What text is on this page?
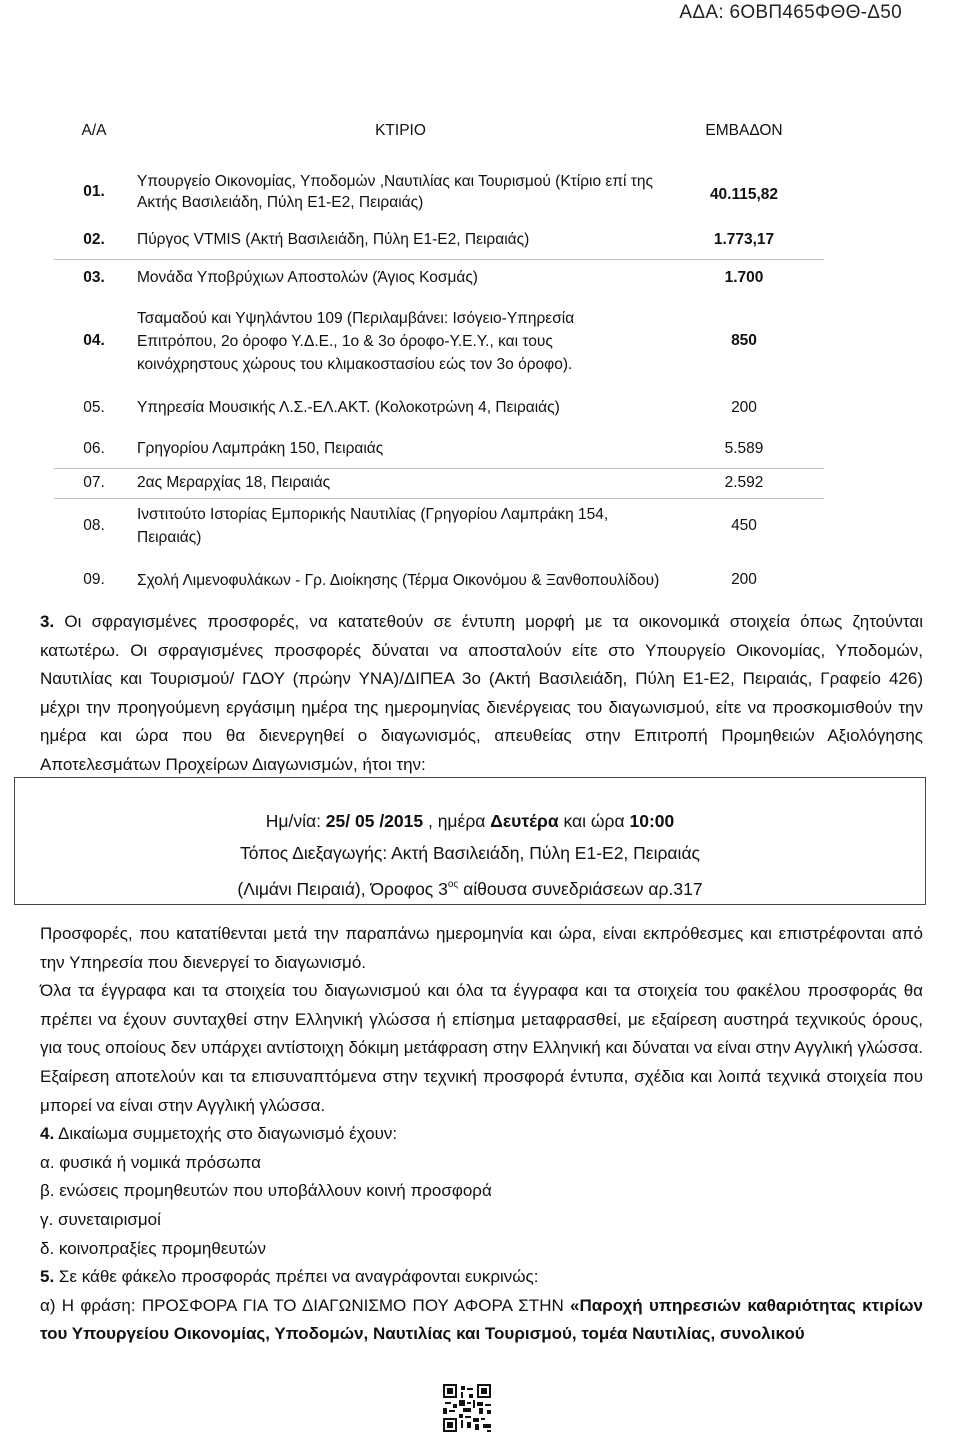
ΑΔΑ: 6ΟΒΠ465ΦΘΘ-Δ50
Α/Α	ΚΤΙΡΙΟ	ΕΜΒΑΔΟΝ
01.	Υπουργείο Οικονομίας, Υποδομών ,Ναυτιλίας και Τουρισμού (Κτίριο επί της Ακτής Βασιλειάδη, Πύλη Ε1-Ε2, Πειραιάς)	40.115,82
02.	Πύργος VTMIS (Ακτή Βασιλειάδη, Πύλη Ε1-Ε2, Πειραιάς)	1.773,17
03.	Μονάδα Υποβρύχιων Αποστολών (Άγιος Κοσμάς)	1.700
04.	Τσαμαδού και Υψηλάντου 109 (Περιλαμβάνει: Ισόγειο-Υπηρεσία Επιτρόπου, 2ο όροφο Υ.Δ.Ε., 1ο & 3ο όροφο-Υ.Ε.Υ., και τους κοινόχρηστους χώρους του κλιμακοστασίου εώς τον 3ο όροφο).	850
05.	Υπηρεσία Μουσικής Λ.Σ.-ΕΛ.ΑΚΤ. (Κολοκοτρώνη 4, Πειραιάς)	200
06.	Γρηγορίου Λαμπράκη 150, Πειραιάς	5.589
07.	2ας Μεραρχίας 18, Πειραιάς	2.592
08.	Ινστιτούτο Ιστορίας Εμπορικής Ναυτιλίας (Γρηγορίου Λαμπράκη 154, Πειραιάς)	450
09.	Σχολή Λιμενοφυλάκων - Γρ. Διοίκησης (Τέρμα Οικονόμου & Ξανθοπουλίδου)	200

3. Οι σφραγισμένες προσφορές, να κατατεθούν σε έντυπη μορφή με τα οικονομικά στοιχεία όπως ζητούνται κατωτέρω. Οι σφραγισμένες προσφορές δύναται να αποσταλούν είτε στο Υπουργείο Οικονομίας, Υποδομών, Ναυτιλίας και Τουρισμού/ ΓΔΟΥ (πρώην ΥΝΑ)/ΔΙΠΕΑ 3ο (Ακτή Βασιλειάδη, Πύλη Ε1-Ε2, Πειραιάς, Γραφείο 426) μέχρι την προηγούμενη εργάσιμη ημέρα της ημερομηνίας διενέργειας του διαγωνισμού, είτε να προσκομισθούν την ημέρα και ώρα που θα διενεργηθεί ο διαγωνισμός, απευθείας στην Επιτροπή Προμηθειών Αξιολόγησης Αποτελεσμάτων Προχείρων Διαγωνισμών, ήτοι την:

Ημ/νία: 25/ 05 /2015 , ημέρα Δευτέρα και ώρα 10:00
Τόπος Διεξαγωγής: Ακτή Βασιλειάδη, Πύλη Ε1-Ε2, Πειραιάς
(Λιμάνι Πειραιά), Όροφος $3^{o\varsigma}$ αίθουσα συνεδριάσεων αρ.317

Προσφορές, που κατατίθενται μετά την παραπάνω ημερομηνία και ώρα, είναι εκπρόθεσμες και επιστρέφονται από την Υπηρεσία που διενεργεί το διαγωνισμό.

Όλα τα έγγραφα και τα στοιχεία του διαγωνισμού και όλα τα έγγραφα και τα στοιχεία του φακέλου προσφοράς θα πρέπει να έχουν συνταχθεί στην Ελληνική γλώσσα ή επίσημα μεταφρασθεί, με εξαίρεση αυστηρά τεχνικούς όρους, για τους οποίους δεν υπάρχει αντίστοιχη δόκιμη μετάφραση στην Ελληνική και δύναται να είναι στην Αγγλική γλώσσα. Εξαίρεση αποτελούν και τα επισυναπτόμενα στην τεχνική προσφορά έντυπα, σχέδια και λοιπά τεχνικά στοιχεία που μπορεί να είναι στην Αγγλική γλώσσα.

4. Δικαίωμα συμμετοχής στο διαγωνισμό έχουν:

α. φυσικά ή νομικά πρόσωπα

β. ενώσεις προμηθευτών που υποβάλλουν κοινή προσφορά

γ. συνεταιρισμοί

δ. κοινοπραξίες προμηθευτών

5. Σε κάθε φάκελο προσφοράς πρέπει να αναγράφονται ευκρινώς:

α) Η φράση: ΠΡΟΣΦΟΡΑ ΓΙΑ ΤΟ ΔΙΑΓΩΝΙΣΜΟ ΠΟΥ ΑΦΟΡΑ ΣΤΗΝ «Παροχή υπηρεσιών καθαριότητας κτιρίων του Υπουργείου Οικονομίας, Υποδομών, Ναυτιλίας και Τουρισμού, τομέα Ναυτιλίας, συνολικού
